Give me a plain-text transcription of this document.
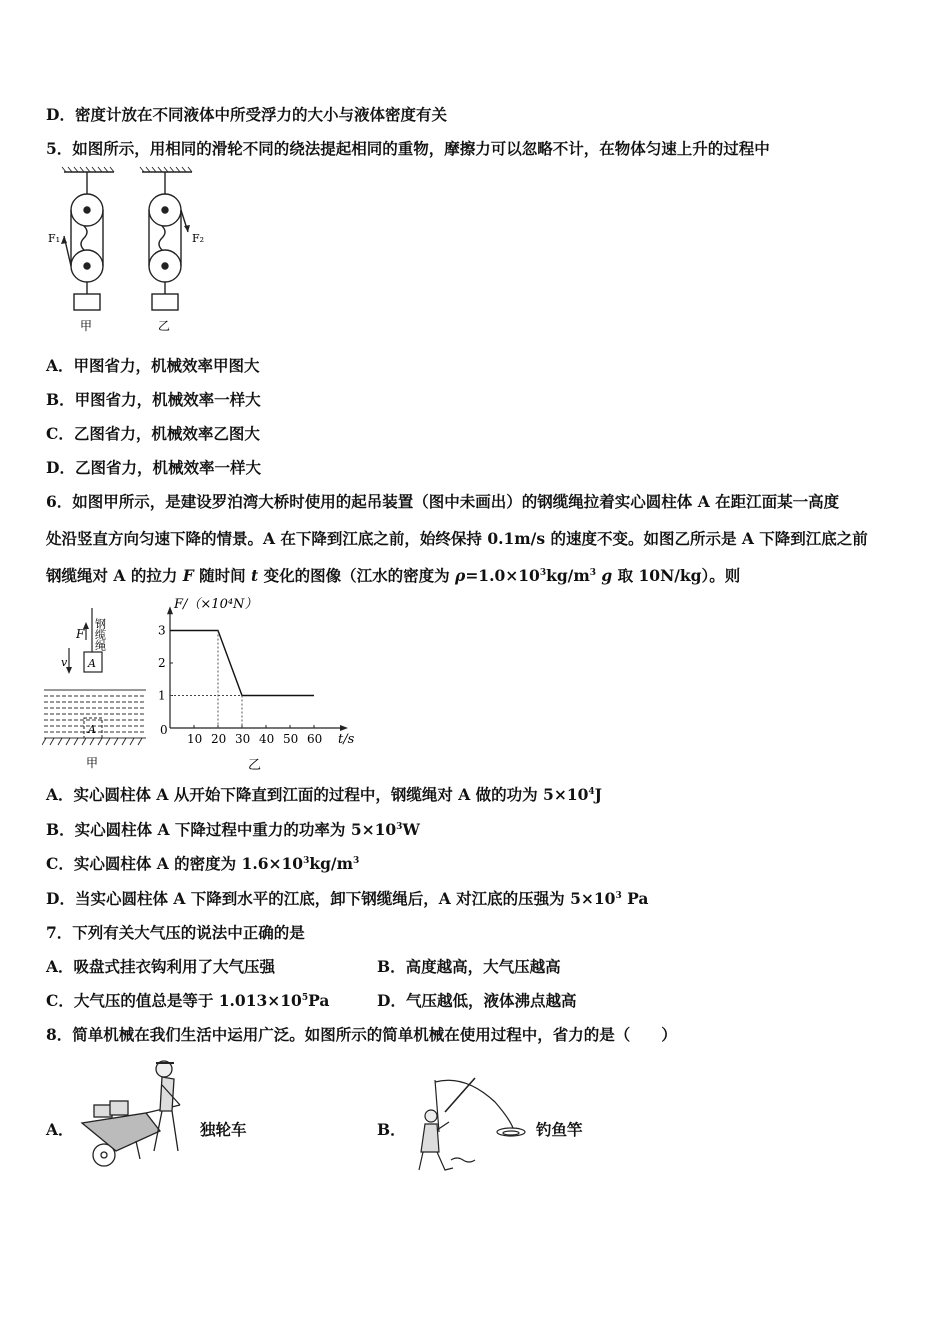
D．密度计放在不同液体中所受浮力的大小与液体密度有关
5．如图所示，用相同的滑轮不同的绕法提起相同的重物，摩擦力可以忽略不计，在物体匀速上升的过程中
F₁	F₂
甲	乙
A．甲图省力，机械效率甲图大
B．甲图省力，机械效率一样大
C．乙图省力，机械效率乙图大
D．乙图省力，机械效率一样大
6．如图甲所示，是建设罗泊湾大桥时使用的起吊装置（图中未画出）的钢缆绳拉着实心圆柱体 A 在距江面某一高度
处沿竖直方向匀速下降的情景。A 在下降到江底之前，始终保持 0.1m/s 的速度不变。如图乙所示是 A 下降到江底之前
钢缆绳对 A 的拉力 F 随时间 t 变化的图像（江水的密度为 $\rho=1.0\times 10^3kg/m^3$ g 取 10N/kg）。则
F
v A
钢缆绳
A
甲
F/（×10⁴N）
t/s
0
乙
10 20 30 40 50 60
1
2
3
A．实心圆柱体 A 从开始下降直到江面的过程中，钢缆绳对 A 做的功为 $5\times 10^4J$
B．实心圆柱体 A 下降过程中重力的功率为 $5\times 10^3W$
C．实心圆柱体 A 的密度为 $1.6\times 10^3kg/m^3$
D．当实心圆柱体 A 下降到水平的江底，卸下钢缆绳后，A 对江底的压强为 $5\times 10^3$ Pa
7．下列有关大气压的说法中正确的是
A．吸盘式挂衣钩利用了大气压强	B．高度越高，大气压越高
C．大气压的值总是等于 $1.013\times 10^5Pa$	D．气压越低，液体沸点越高
8．简单机械在我们生活中运用广泛。如图所示的简单机械在使用过程中，省力的是（　　）
A．	独轮车	B．	钓鱼竿
